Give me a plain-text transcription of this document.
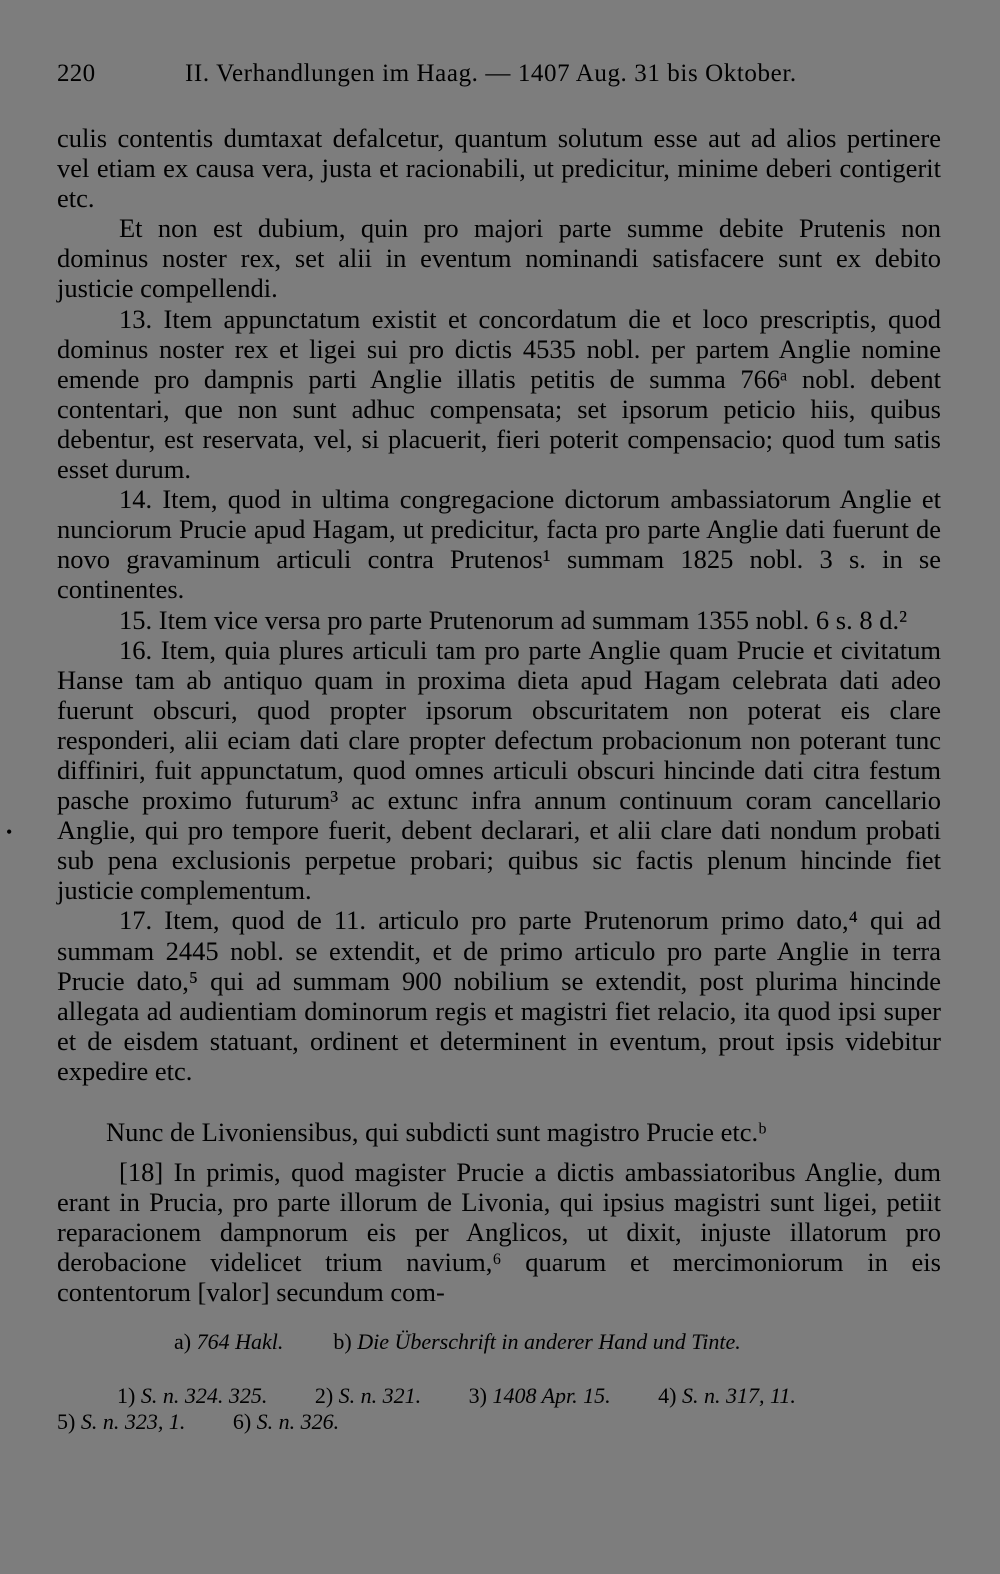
220	II. Verhandlungen im Haag. — 1407 Aug. 31 bis Oktober.

culis contentis dumtaxat defalcetur, quantum solutum esse aut ad alios pertinere vel etiam ex causa vera, justa et racionabili, ut predicitur, minime deberi contigerit etc.

Et non est dubium, quin pro majori parte summe debite Prutenis non dominus noster rex, set alii in eventum nominandi satisfacere sunt ex debito justicie compellendi.

13. Item appunctatum existit et concordatum die et loco prescriptis, quod dominus noster rex et ligei sui pro dictis 4535 nobl. per partem Anglie nomine emende pro dampnis parti Anglie illatis petitis de summa 766ᵃ nobl. debent contentari, que non sunt adhuc compensata; set ipsorum peticio hiis, quibus debentur, est reservata, vel, si placuerit, fieri poterit compensacio; quod tum satis esset durum.

14. Item, quod in ultima congregacione dictorum ambassiatorum Anglie et nunciorum Prucie apud Hagam, ut predicitur, facta pro parte Anglie dati fuerunt de novo gravaminum articuli contra Prutenos¹ summam 1825 nobl. 3 s. in se continentes.

15. Item vice versa pro parte Prutenorum ad summam 1355 nobl. 6 s. 8 d.²

16. Item, quia plures articuli tam pro parte Anglie quam Prucie et civitatum Hanse tam ab antiquo quam in proxima dieta apud Hagam celebrata dati adeo fuerunt obscuri, quod propter ipsorum obscuritatem non poterat eis clare responderi, alii eciam dati clare propter defectum probacionum non poterant tunc diffiniri, fuit appunctatum, quod omnes articuli obscuri hincinde dati citra festum pasche proximo futurum³ ac extunc infra annum continuum coram cancellario Anglie, qui pro tempore fuerit, debent declarari, et alii clare dati nondum probati sub pena exclusionis perpetue probari; quibus sic factis plenum hincinde fiet justicie complementum.

17. Item, quod de 11. articulo pro parte Prutenorum primo dato,⁴ qui ad summam 2445 nobl. se extendit, et de primo articulo pro parte Anglie in terra Prucie dato,⁵ qui ad summam 900 nobilium se extendit, post plurima hincinde allegata ad audientiam dominorum regis et magistri fiet relacio, ita quod ipsi super et de eisdem statuant, ordinent et determinent in eventum, prout ipsis videbitur expedire etc.

Nunc de Livoniensibus, qui subdicti sunt magistro Prucie etc.ᵇ

[18] In primis, quod magister Prucie a dictis ambassiatoribus Anglie, dum erant in Prucia, pro parte illorum de Livonia, qui ipsius magistri sunt ligei, petiit reparacionem dampnorum eis per Anglicos, ut dixit, injuste illatorum pro derobacione videlicet trium navium,⁶ quarum et mercimoniorum in eis contentorum [valor] secundum com-

a) 764 Hakl. b) Die Überschrift in anderer Hand und Tinte.
1) S. n. 324. 325. 2) S. n. 321. 3) 1408 Apr. 15. 4) S. n. 317, 11.
5) S. n. 323, 1. 6) S. n. 326.
•
